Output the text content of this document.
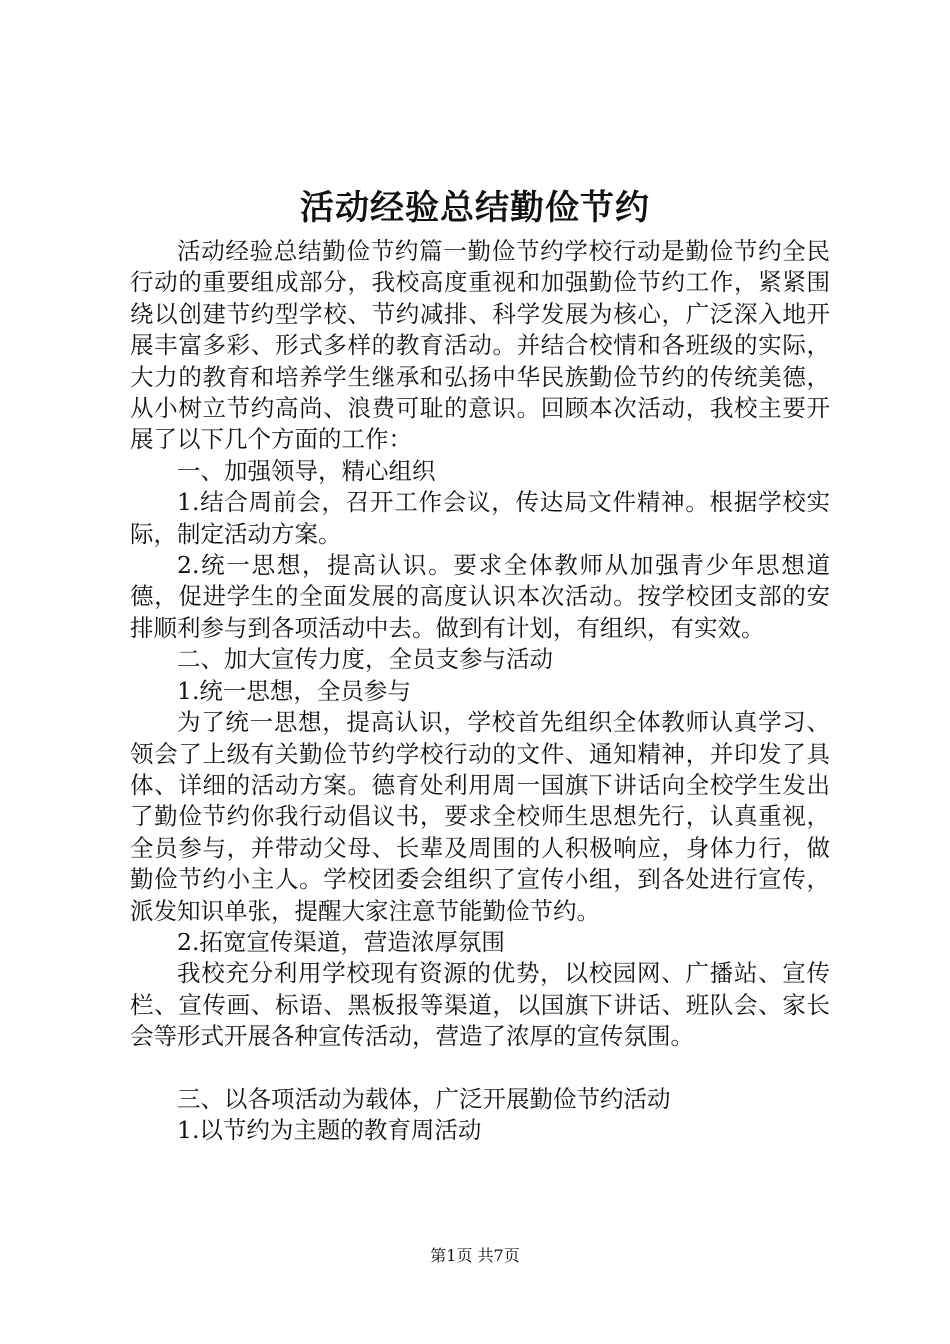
活动经验总结勤俭节约

活动经验总结勤俭节约篇一勤俭节约学校行动是勤俭节约全民行动的重要组成部分，我校高度重视和加强勤俭节约工作，紧紧围绕以创建节约型学校、节约减排、科学发展为核心，广泛深入地开展丰富多彩、形式多样的教育活动。并结合校情和各班级的实际，大力的教育和培养学生继承和弘扬中华民族勤俭节约的传统美德，从小树立节约高尚、浪费可耻的意识。回顾本次活动，我校主要开展了以下几个方面的工作：

一、加强领导，精心组织

1.结合周前会，召开工作会议，传达局文件精神。根据学校实际，制定活动方案。

2.统一思想，提高认识。要求全体教师从加强青少年思想道德，促进学生的全面发展的高度认识本次活动。按学校团支部的安排顺利参与到各项活动中去。做到有计划，有组织，有实效。

二、加大宣传力度，全员支参与活动

1.统一思想，全员参与

为了统一思想，提高认识，学校首先组织全体教师认真学习、领会了上级有关勤俭节约学校行动的文件、通知精神，并印发了具体、详细的活动方案。德育处利用周一国旗下讲话向全校学生发出了勤俭节约你我行动倡议书，要求全校师生思想先行，认真重视，全员参与，并带动父母、长辈及周围的人积极响应，身体力行，做勤俭节约小主人。学校团委会组织了宣传小组，到各处进行宣传，派发知识单张，提醒大家注意节能勤俭节约。

2.拓宽宣传渠道，营造浓厚氛围

我校充分利用学校现有资源的优势，以校园网、广播站、宣传栏、宣传画、标语、黑板报等渠道，以国旗下讲话、班队会、家长会等形式开展各种宣传活动，营造了浓厚的宣传氛围。

三、以各项活动为载体，广泛开展勤俭节约活动

1.以节约为主题的教育周活动

第1页 共7页
